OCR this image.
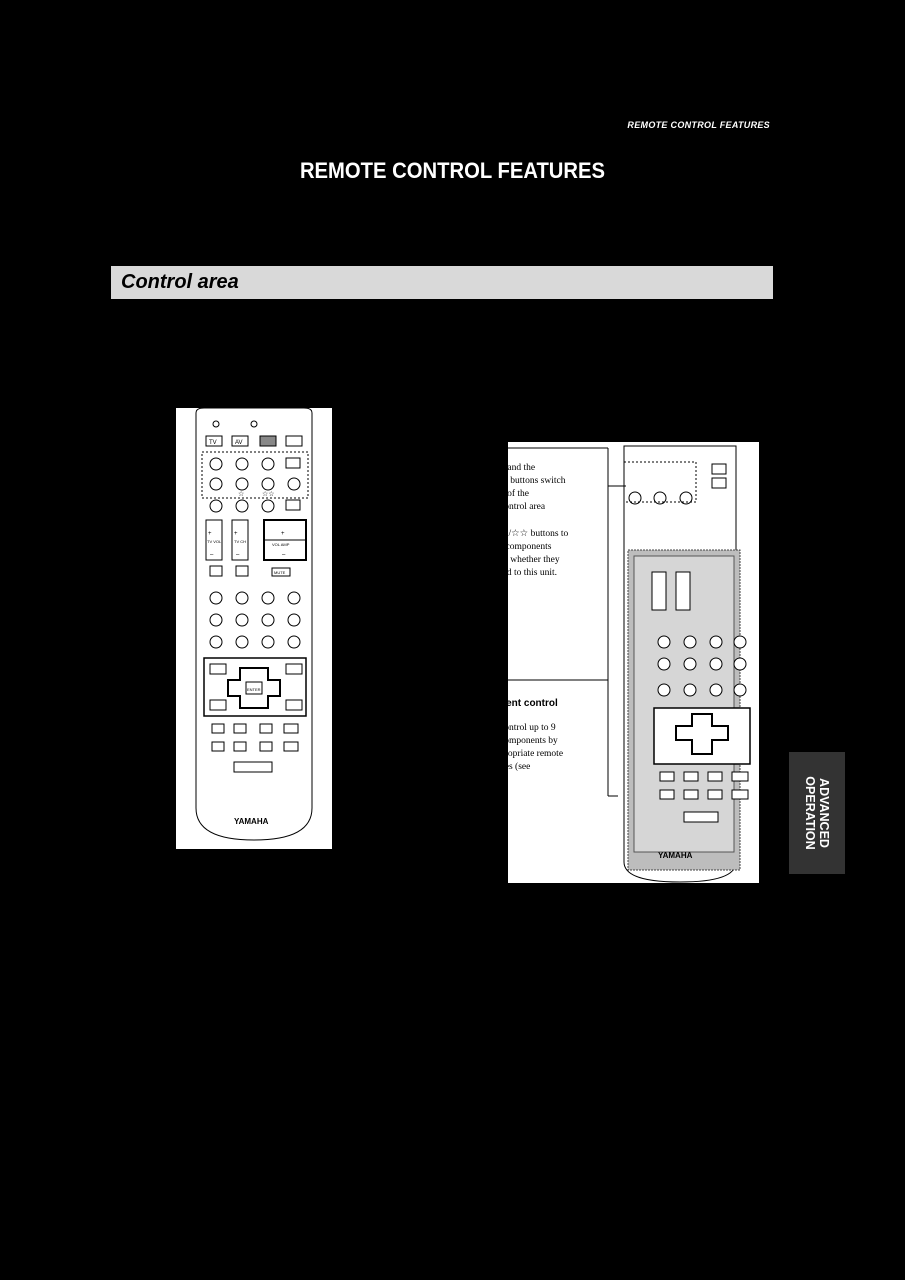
REMOTE CONTROL FEATURES
REMOTE CONTROL FEATURES
Control area
TV	AV
+	+	+
TV VOL	TV CH
VOL AMP
–	–	–
MUTE
ENTER
☆	☆☆
YAMAHA
YAMAHA
☆/☆☆ ttons and the
or buttons switch
n of the
control area
☆/☆☆ buttons to
r components
of whether they
ted to this unit.
nent control
control up to 9
components by
propriate remote
des (see
ADVANCED
OPERATION
